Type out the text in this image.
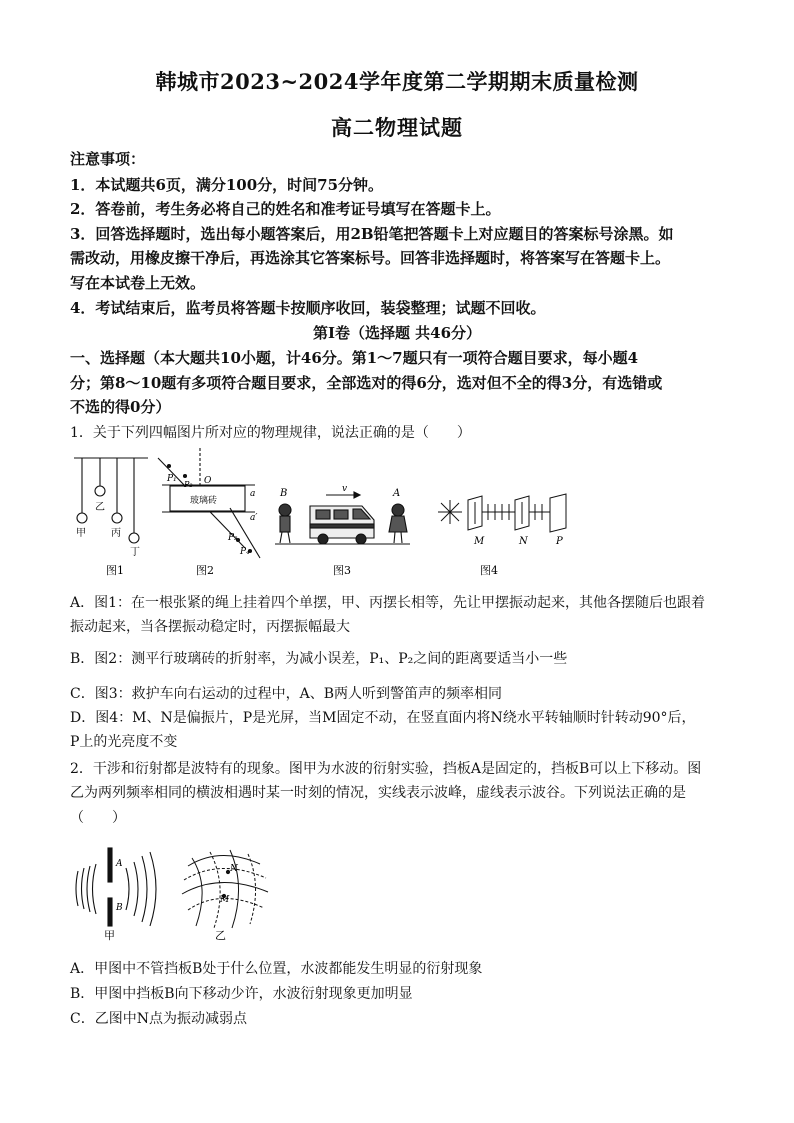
韩城市2023~2024学年度第二学期期末质量检测
高二物理试题
注意事项：
1．本试题共6页，满分100分，时间75分钟。
2．答卷前，考生务必将自己的姓名和准考证号填写在答题卡上。
3．回答选择题时，选出每小题答案后，用2B铅笔把答题卡上对应题目的答案标号涂黑。如
需改动，用橡皮擦干净后，再选涂其它答案标号。回答非选择题时，将答案写在答题卡上。
写在本试卷上无效。
4．考试结束后，监考员将答题卡按顺序收回，装袋整理；试题不回收。
第Ⅰ卷（选择题 共46分）
一、选择题（本大题共10小题，计46分。第1～7题只有一项符合题目要求，每小题4
分；第8～10题有多项符合题目要求，全部选对的得6分，选对但不全的得3分，有选错或
不选的得0分）
1．关于下列四幅图片所对应的物理规律，说法正确的是（　　）
甲
乙
丙
丁
图1
玻璃砖
P₁	O
P₂
a
a′
P₃
P₄
图2
B	A
v
图3
M	N	P
图4
A．图1：在一根张紧的绳上挂着四个单摆，甲、丙摆长相等，先让甲摆振动起来，其他各摆随后也跟着
振动起来，当各摆振动稳定时，丙摆振幅最大
B．图2：测平行玻璃砖的折射率，为减小误差，P₁、P₂之间的距离要适当小一些
C．图3：救护车向右运动的过程中，A、B两人听到警笛声的频率相同
D．图4：M、N是偏振片，P是光屏，当M固定不动，在竖直面内将N绕水平转轴顺时针转动90°后，
P上的光亮度不变
2．干涉和衍射都是波特有的现象。图甲为水波的衍射实验，挡板A是固定的，挡板B可以上下移动。图
乙为两列频率相同的横波相遇时某一时刻的情况，实线表示波峰，虚线表示波谷。下列说法正确的是
（　　）
A
B
甲
N
M
乙
A．甲图中不管挡板B处于什么位置，水波都能发生明显的衍射现象
B．甲图中挡板B向下移动少许，水波衍射现象更加明显
C．乙图中N点为振动减弱点
